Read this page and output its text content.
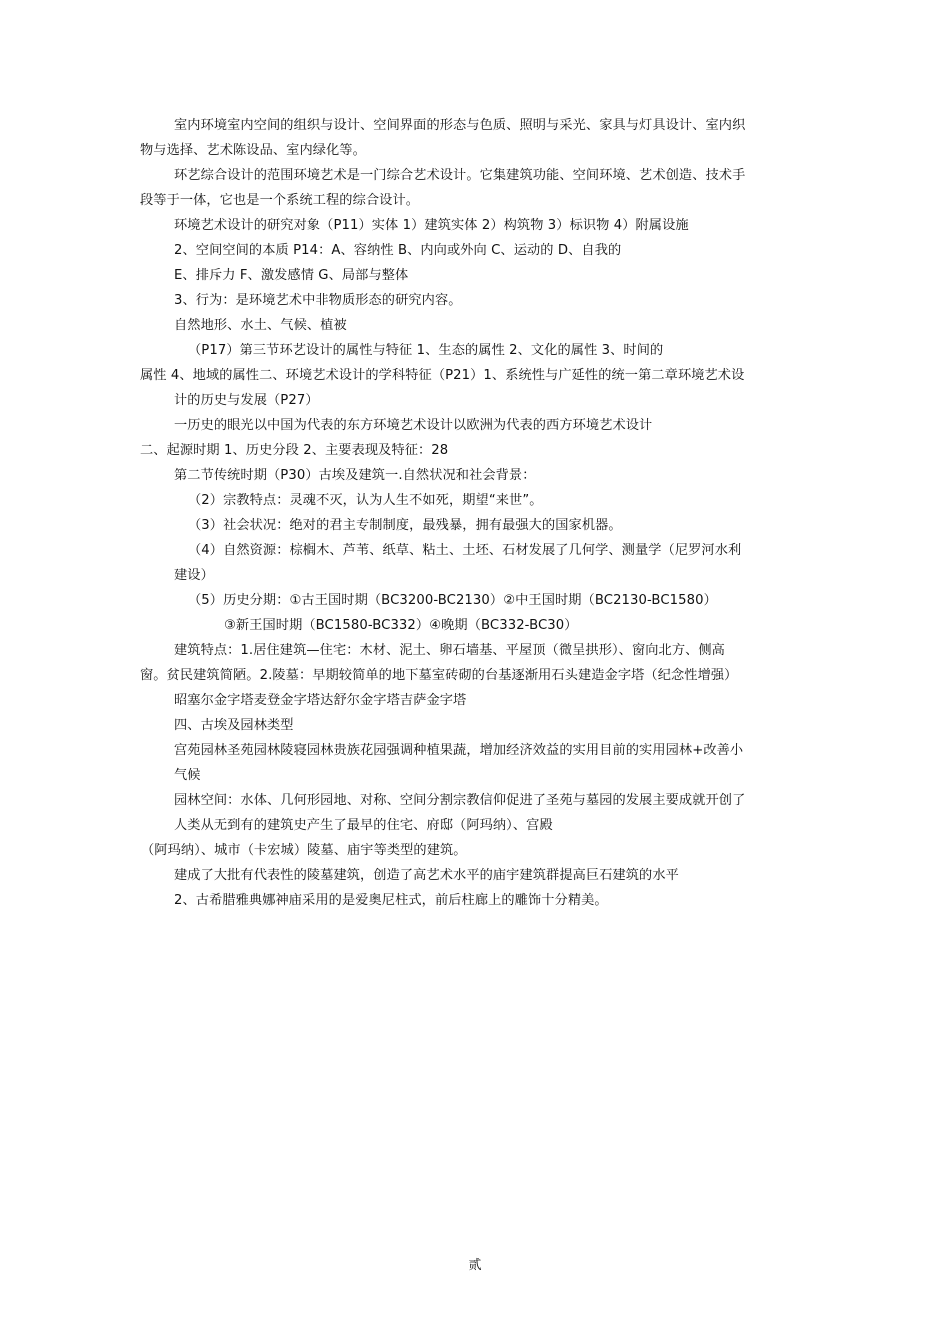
室内环境室内空间的组织与设计、空间界面的形态与色质、照明与采光、家具与灯具设计、室内织
物与选择、艺术陈设品、室内绿化等。
环艺综合设计的范围环境艺术是一门综合艺术设计。它集建筑功能、空间环境、艺术创造、技术手
段等于一体，它也是一个系统工程的综合设计。
环境艺术设计的研究对象（P11）实体 1）建筑实体 2）构筑物 3）标识物 4）附属设施
2、空间空间的本质 P14：A、容纳性 B、内向或外向 C、运动的 D、自我的
E、排斥力 F、激发感情 G、局部与整体
3、行为：是环境艺术中非物质形态的研究内容。
自然地形、水土、气候、植被
（P17）第三节环艺设计的属性与特征 1、生态的属性 2、文化的属性 3、时间的
属性 4、地域的属性二、环境艺术设计的学科特征（P21）1、系统性与广延性的统一第二章环境艺术设
计的历史与发展（P27）
一历史的眼光以中国为代表的东方环境艺术设计以欧洲为代表的西方环境艺术设计
二、起源时期 1、历史分段 2、主要表现及特征：28
第二节传统时期（P30）古埃及建筑一.自然状况和社会背景：
（2）宗教特点：灵魂不灭，认为人生不如死，期望“来世”。
（3）社会状况：绝对的君主专制制度，最残暴，拥有最强大的国家机器。
（4）自然资源：棕榈木、芦苇、纸草、粘土、土坯、石材发展了几何学、测量学（尼罗河水利
建设）
（5）历史分期：①古王国时期（BC3200-BC2130）②中王国时期（BC2130-BC1580）
③新王国时期（BC1580-BC332）④晚期（BC332-BC30）
建筑特点：1.居住建筑—住宅：木材、泥土、卵石墙基、平屋顶（微呈拱形）、窗向北方、侧高
窗。贫民建筑简陋。2.陵墓：早期较简单的地下墓室砖砌的台基逐渐用石头建造金字塔（纪念性增强）
昭塞尔金字塔麦登金字塔达舒尔金字塔吉萨金字塔
四、古埃及园林类型
宫苑园林圣苑园林陵寝园林贵族花园强调种植果蔬，增加经济效益的实用目前的实用园林+改善小
气候
园林空间：水体、几何形园地、对称、空间分割宗教信仰促进了圣苑与墓园的发展主要成就开创了
人类从无到有的建筑史产生了最早的住宅、府邸（阿玛纳）、宫殿
（阿玛纳）、城市（卡宏城）陵墓、庙宇等类型的建筑。
建成了大批有代表性的陵墓建筑，创造了高艺术水平的庙宇建筑群提高巨石建筑的水平
2、古希腊雅典娜神庙采用的是爱奥尼柱式，前后柱廊上的雕饰十分精美。
贰
